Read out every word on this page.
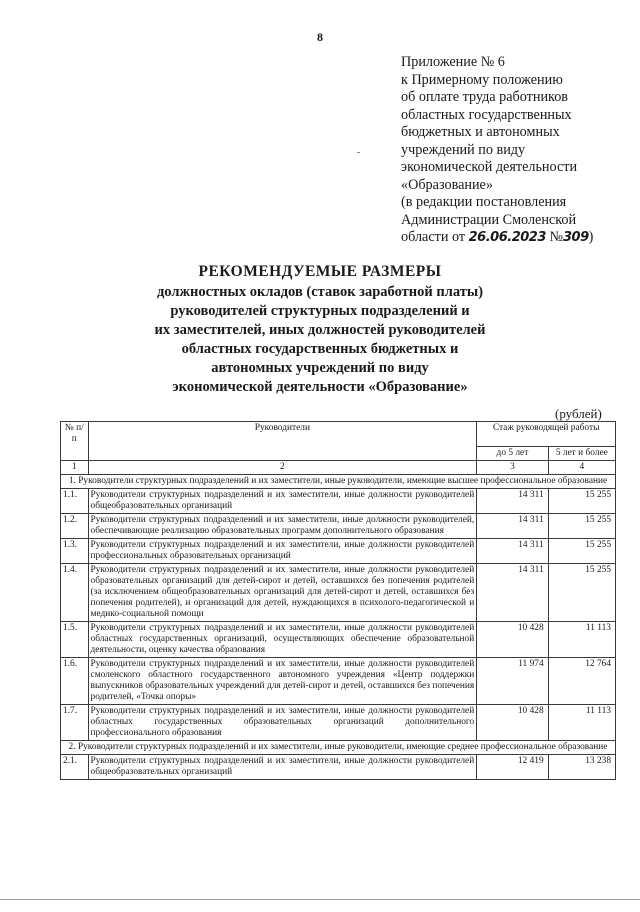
8
Приложение № 6
к Примерному положению
об оплате труда работников
областных государственных
бюджетных и автономных
учреждений по виду
экономической деятельности
«Образование»
(в редакции постановления
Администрации Смоленской
области от 26.06.2023 №309)
РЕКОМЕНДУЕМЫЕ РАЗМЕРЫ
должностных окладов (ставок заработной платы)
руководителей структурных подразделений и
их заместителей, иных должностей руководителей
областных государственных бюджетных и
автономных учреждений по виду
экономической деятельности «Образование»
(рублей)
№ п/п	Руководители	Стаж руководящей работы	
		до 5 лет	5 лет и более
1	2	3	4
1. Руководители структурных подразделений и их заместители, иные руководители, имеющие высшее профессиональное образование			
1.1.	Руководители структурных подразделений и их заместители, иные должности руководителей общеобразовательных организаций	14 311	15 255
1.2.	Руководители структурных подразделений и их заместители, иные должности руководителей, обеспечивающие реализацию образовательных программ дополнительного образования	14 311	15 255
1.3.	Руководители структурных подразделений и их заместители, иные должности руководителей профессиональных образовательных организаций	14 311	15 255
1.4.	Руководители структурных подразделений и их заместители, иные должности руководителей образовательных организаций для детей-сирот и детей, оставшихся без попечения родителей (за исключением общеобразовательных организаций для детей-сирот и детей, оставшихся без попечения родителей), и организаций для детей, нуждающихся в психолого-педагогической и медико-социальной помощи	14 311	15 255
1.5.	Руководители структурных подразделений и их заместители, иные должности руководителей областных государственных организаций, осуществляющих обеспечение образовательной деятельности, оценку качества образования	10 428	11 113
1.6.	Руководители структурных подразделений и их заместители, иные должности руководителей смоленского областного государственного автономного учреждения «Центр поддержки выпускников образовательных учреждений для детей-сирот и детей, оставшихся без попечения родителей, «Точка опоры»	11 974	12 764
1.7.	Руководители структурных подразделений и их заместители, иные должности руководителей областных государственных образовательных организаций дополнительного профессионального образования	10 428	11 113
2. Руководители структурных подразделений и их заместители, иные руководители, имеющие среднее профессиональное образование			
2.1.	Руководители структурных подразделений и их заместители, иные должности руководителей общеобразовательных организаций	12 419	13 238
